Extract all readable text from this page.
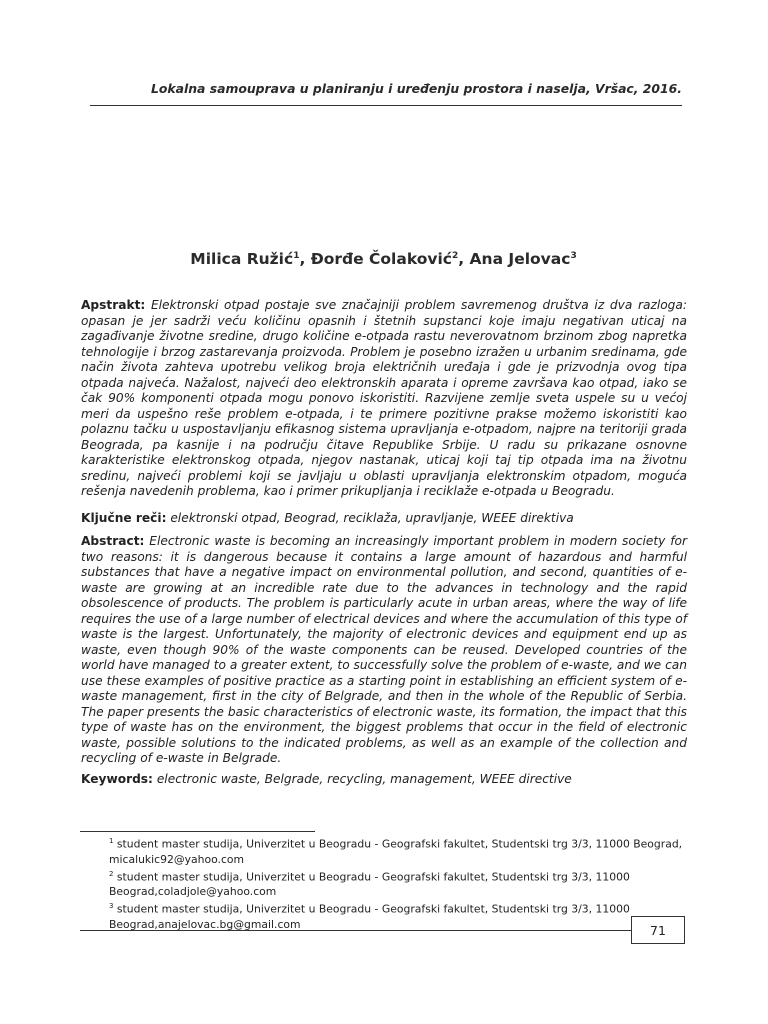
Lokalna samouprava u planiranju i uređenju prostora i naselja, Vršac, 2016.
Milica Ružić$^1$, Đorđe Čolaković$^2$, Ana Jelovac$^3$
Apstrakt: Elektronski otpad postaje sve značajniji problem savremenog društva iz dva razloga: opasan je jer sadrži veću količinu opasnih i štetnih supstanci koje imaju negativan uticaj na zagađivanje životne sredine, drugo količine e-otpada rastu neverovatnom brzinom zbog napretka tehnologije i brzog zastarevanja proizvoda. Problem je posebno izražen u urbanim sredinama, gde način života zahteva upotrebu velikog broja električnih uređaja i gde je prizvodnja ovog tipa otpada najveća. Nažalost, najveći deo elektronskih aparata i opreme završava kao otpad, iako se čak 90% komponenti otpada mogu ponovo iskoristiti. Razvijene zemlje sveta uspele su u većoj meri da uspešno reše problem e-otpada, i te primere pozitivne prakse možemo iskoristiti kao polaznu tačku u uspostavljanju efikasnog sistema upravljanja e-otpadom, najpre na teritoriji grada Beograda, pa kasnije i na području čitave Republike Srbije. U radu su prikazane osnovne karakteristike elektronskog otpada, njegov nastanak, uticaj koji taj tip otpada ima na životnu sredinu, najveći problemi koji se javljaju u oblasti upravljanja elektronskim otpadom, moguća rešenja navedenih problema, kao i primer prikupljanja i reciklaže e-otpada u Beogradu.
Ključne reči: elektronski otpad, Beograd, reciklaža, upravljanje, WEEE direktiva
Abstract: Electronic waste is becoming an increasingly important problem in modern society for two reasons: it is dangerous because it contains a large amount of hazardous and harmful substances that have a negative impact on environmental pollution, and second, quantities of e-waste are growing at an incredible rate due to the advances in technology and the rapid obsolescence of products. The problem is particularly acute in urban areas, where the way of life requires the use of a large number of electrical devices and where the accumulation of this type of waste is the largest. Unfortunately, the majority of electronic devices and equipment end up as waste, even though 90% of the waste components can be reused. Developed countries of the world have managed to a greater extent, to successfully solve the problem of e-waste, and we can use these examples of positive practice as a starting point in establishing an efficient system of e-waste management, first in the city of Belgrade, and then in the whole of the Republic of Serbia. The paper presents the basic characteristics of electronic waste, its formation, the impact that this type of waste has on the environment, the biggest problems that occur in the field of electronic waste, possible solutions to the indicated problems, as well as an example of the collection and recycling of e-waste in Belgrade.
Keywords: electronic waste, Belgrade, recycling, management, WEEE directive
$^1$ student master studija, Univerzitet u Beogradu - Geografski fakultet, Studentski trg 3/3, 11000 Beograd, micalukic92@yahoo.com
$^2$ student master studija, Univerzitet u Beogradu - Geografski fakultet, Studentski trg 3/3, 11000 Beograd,coladjole@yahoo.com
$^3$ student master studija, Univerzitet u Beogradu - Geografski fakultet, Studentski trg 3/3, 11000 Beograd,anajelovac.bg@gmail.com	71
